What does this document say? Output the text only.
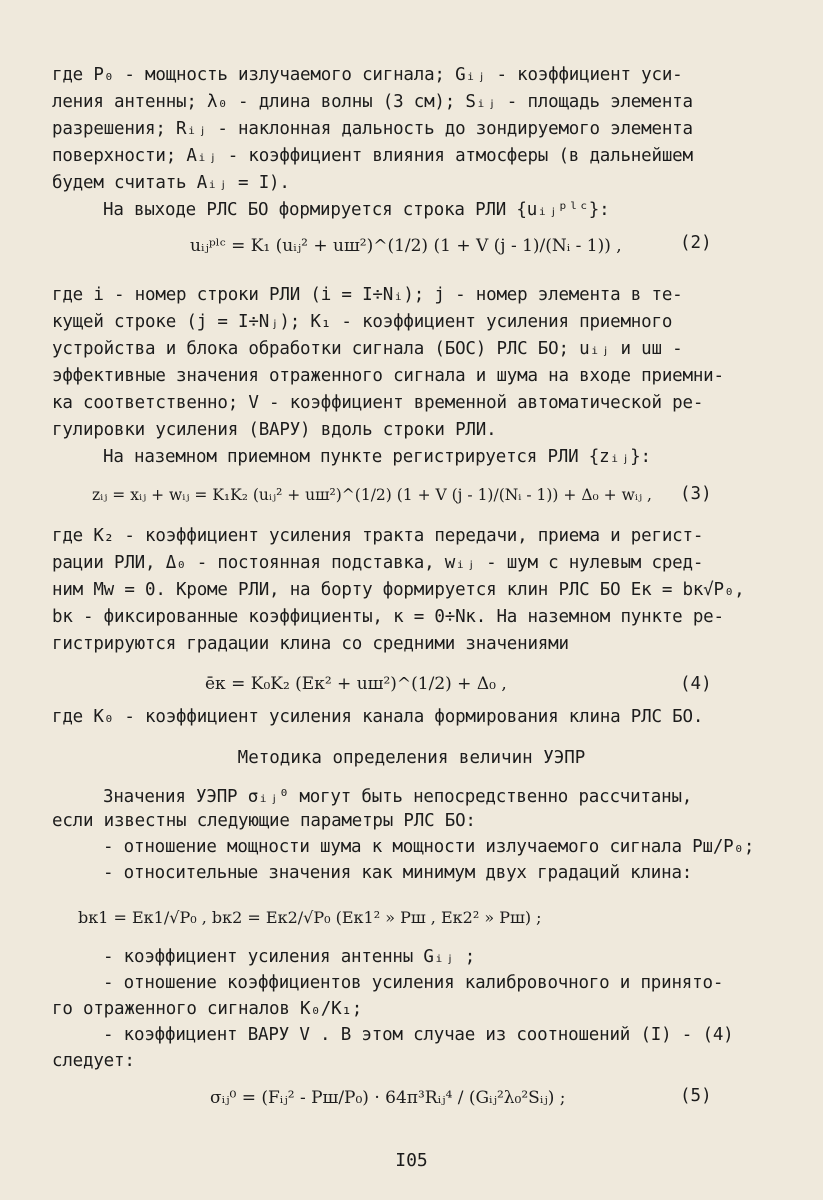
где P₀ - мощность излучаемого сигнала; Gᵢⱼ - коэффициент уси-
ления антенны; λ₀ - длина волны (3 см); Sᵢⱼ - площадь элемента
разрешения; Rᵢⱼ - наклонная дальность до зондируемого элемента
поверхности; Aᵢⱼ - коэффициент влияния атмосферы (в дальнейшем
будем считать Aᵢⱼ = I).
На выходе РЛС БО формируется строка РЛИ {uᵢⱼᵖˡᶜ}:
uᵢⱼᵖˡᶜ = K₁ (uᵢⱼ² + uш²)^(1/2) (1 + V (j - 1)/(Nᵢ - 1)) ,	(2)
где i - номер строки РЛИ (i = I÷Nᵢ); j - номер элемента в те-
кущей строке (j = I÷Nⱼ); K₁ - коэффициент усиления приемного
устройства и блока обработки сигнала (БОС) РЛС БО; uᵢⱼ и uш -
эффективные значения отраженного сигнала и шума на входе приемни-
ка соответственно; V - коэффициент временной автоматической ре-
гулировки усиления (ВАРУ) вдоль строки РЛИ.
На наземном приемном пункте регистрируется РЛИ {zᵢⱼ}:
zᵢⱼ = xᵢⱼ + wᵢⱼ = K₁K₂ (uᵢⱼ² + uш²)^(1/2) (1 + V (j - 1)/(Nᵢ - 1)) + Δ₀ + wᵢⱼ , (3)
где K₂ - коэффициент усиления тракта передачи, приема и регист-
рации РЛИ, Δ₀ - постоянная подставка, wᵢⱼ - шум с нулевым сред-
ним Mw = 0. Кроме РЛИ, на борту формируется клин РЛС БО Eк = bк√P₀,
bк - фиксированные коэффициенты, к = 0÷Nк. На наземном пункте ре-
гистрируются градации клина со средними значениями
ēк = K₀K₂ (Eк² + uш²)^(1/2) + Δ₀ ,	(4)
где K₀ - коэффициент усиления канала формирования клина РЛС БО.
Методика определения величин УЭПР
Значения УЭПР σᵢⱼ⁰ могут быть непосредственно рассчитаны,
если известны следующие параметры РЛС БО:
- отношение мощности шума к мощности излучаемого сигнала Pш/P₀;
- относительные значения как минимум двух градаций клина:
bк1 = Eк1/√P₀ , bк2 = Eк2/√P₀ (Eк1² » Pш , Eк2² » Pш) ;
- коэффициент усиления антенны Gᵢⱼ ;
- отношение коэффициентов усиления калибровочного и принято-
го отраженного сигналов K₀/K₁;
- коэффициент ВАРУ V . В этом случае из соотношений (I) - (4)
следует:
σᵢⱼ⁰ = (Fᵢⱼ² - Pш/P₀) · 64π³Rᵢⱼ⁴ / (Gᵢⱼ²λ₀²Sᵢⱼ) ;	(5)
I05
